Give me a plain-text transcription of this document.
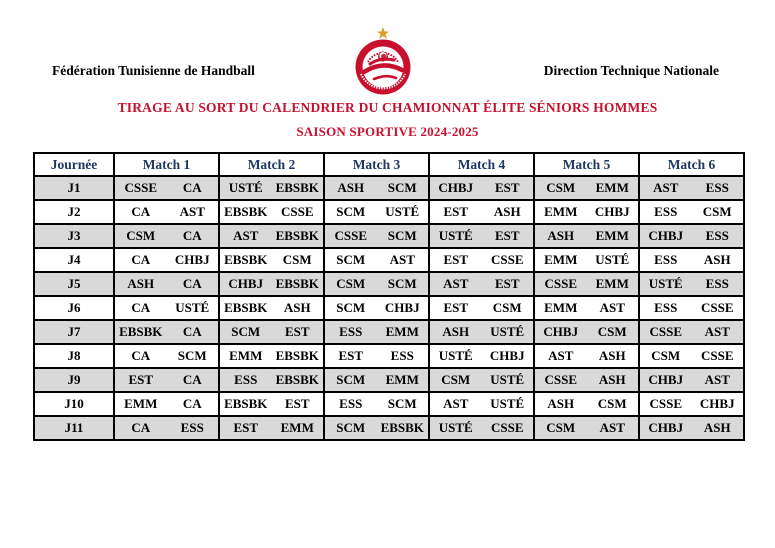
Fédération Tunisienne de Handball	Direction Technique Nationale
TIRAGE AU SORT DU CALENDRIER DU CHAMIONNAT ÉLITE SÉNIORS HOMMES
SAISON SPORTIVE 2024-2025
Journée	Match 1	Match 2	Match 3	Match 4	Match 5	Match 6
J1	CSSE CA	USTÉ EBSBK	ASH SCM	CHBJ EST	CSM EMM	AST ESS

J2	CA AST	EBSBK CSSE	SCM USTÉ	EST ASH	EMM CHBJ	ESS CSM

J3	CSM CA	AST EBSBK	CSSE SCM	USTÉ EST	ASH EMM	CHBJ ESS

J4	CA CHBJ	EBSBK CSM	SCM AST	EST CSSE	EMM USTÉ	ESS ASH

J5	ASH CA	CHBJ EBSBK	CSM SCM	AST EST	CSSE EMM	USTÉ ESS

J6	CA USTÉ	EBSBK ASH	SCM CHBJ	EST CSM	EMM AST	ESS CSSE

J7	EBSBK CA	SCM EST	ESS EMM	ASH USTÉ	CHBJ CSM	CSSE AST

J8	CA SCM	EMM EBSBK	EST ESS	USTÉ CHBJ	AST ASH	CSM CSSE

J9	EST CA	ESS EBSBK	SCM EMM	CSM USTÉ	CSSE ASH	CHBJ AST

J10	EMM CA	EBSBK EST	ESS SCM	AST USTÉ	ASH CSM	CSSE CHBJ

J11	CA ESS	EST EMM	SCM EBSBK	USTÉ CSSE	CSM AST	CHBJ ASH
